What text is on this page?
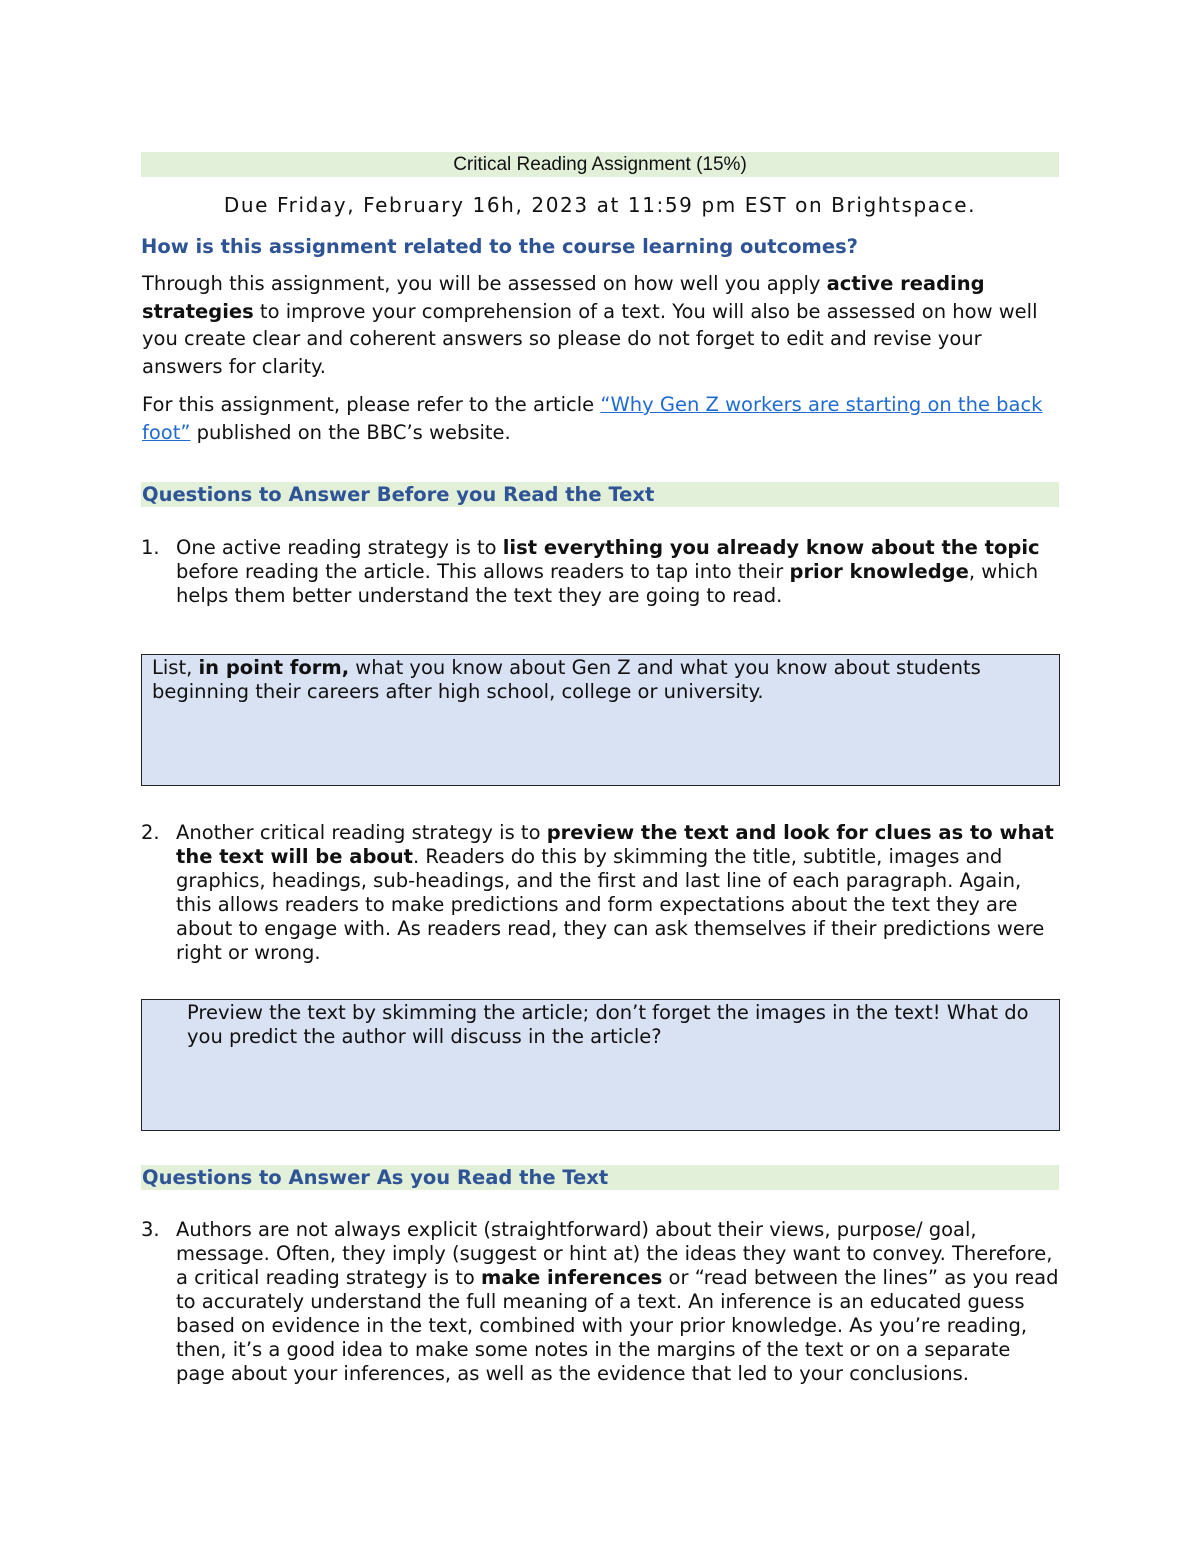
Critical Reading Assignment (15%)
Due Friday, February 16h, 2023 at 11:59 pm EST on Brightspace.
How is this assignment related to the course learning outcomes?
Through this assignment, you will be assessed on how well you apply active reading strategies to improve your comprehension of a text. You will also be assessed on how well you create clear and coherent answers so please do not forget to edit and revise your answers for clarity.
For this assignment, please refer to the article “Why Gen Z workers are starting on the back foot” published on the BBC’s website.
Questions to Answer Before you Read the Text
1. One active reading strategy is to list everything you already know about the topic before reading the article. This allows readers to tap into their prior knowledge, which helps them better understand the text they are going to read.
List, in point form, what you know about Gen Z and what you know about students beginning their careers after high school, college or university.
2. Another critical reading strategy is to preview the text and look for clues as to what the text will be about. Readers do this by skimming the title, subtitle, images and graphics, headings, sub-headings, and the first and last line of each paragraph. Again, this allows readers to make predictions and form expectations about the text they are about to engage with. As readers read, they can ask themselves if their predictions were right or wrong.
Preview the text by skimming the article; don’t forget the images in the text! What do you predict the author will discuss in the article?
Questions to Answer As you Read the Text
3. Authors are not always explicit (straightforward) about their views, purpose/ goal, message. Often, they imply (suggest or hint at) the ideas they want to convey. Therefore, a critical reading strategy is to make inferences or “read between the lines” as you read to accurately understand the full meaning of a text. An inference is an educated guess based on evidence in the text, combined with your prior knowledge. As you’re reading, then, it’s a good idea to make some notes in the margins of the text or on a separate page about your inferences, as well as the evidence that led to your conclusions.
